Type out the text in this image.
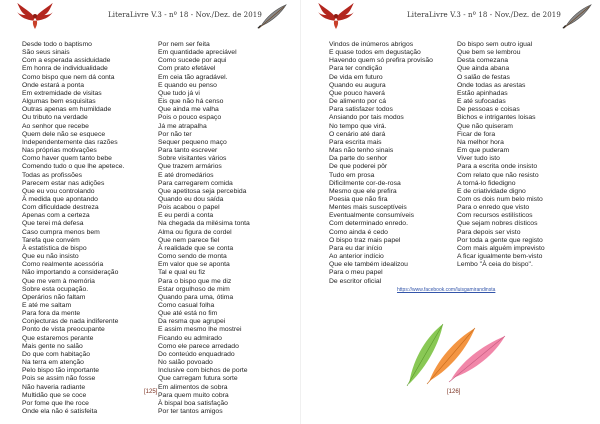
LiteraLivre V.3 - nº 18 - Nov./Dez. de 2019
Desde todo o baptismo
São seus sinais
Com a esperada assiduidade
Em honra de individualidade
Como bispo que nem dá conta
Onde estará a ponta
Em extremidade de visitas
Algumas bem esquisitas
Outras apenas em humildade
Ou tributo na verdade
Ao senhor que recebe
Quem dele não se esquece
Independentemente das razões
Nas próprias motivações
Como haver quem tanto bebe
Comendo tudo o que lhe apetece.
Todas as profissões
Parecem estar nas adições
Que eu vou controlando
À medida que apontando
Com dificuldade destreza
Apenas com a certeza
Que terei má defesa
Caso cumpra menos bem
Tarefa que convém
À estatística de bispo
Que eu não insisto
Como realmente acessória
Não importando a consideração
Que me vem à memória
Sobre esta ocupação.
Operários não faltam
E até me saltam
Para fora da mente
Conjecturas de nada indiferente
Ponto de vista preocupante
Que estaremos perante
Mais gente no salão
Do que com habitação
Na terra em atenção
Pelo bispo tão importante
Pois se assim não fosse
Não haveria radiante
Multidão que se coce
Por fome que lhe roce
Onde ela não é satisfeita
Por nem ser feita
Em quantidade apreciável
Como sucede por aqui
Com prato efetável
Em ceia tão agradável.
E quando eu penso
Que tudo já vi
Eis que não há censo
Que ainda me valha
Pois o pouco espaço
Já me atrapalha
Por não ter
Sequer pequeno maço
Para tanto escrever
Sobre visitantes vários
Que trazem armários
E até dromedários
Para carregarem comida
Que apetitosa seja percebida
Quando eu dou saída
Pois acabou o papel
E eu perdi a conta
Na chegada da milésima tonta
Alma ou figura de cordel
Que nem parece fiel
À realidade que se conta
Como sendo de monta
Em valor que se aponta
Tal e qual eu fiz
Para o bispo que me diz
Estar orgulhoso de mim
Quando para uma, ótima
Como casual folha
Que até está no fim
Da resma que agrupei
E assim mesmo lhe mostrei
Ficando eu admirado
Como ele parece arredado
Do conteúdo enquadrado
No salão povoado
Inclusive com bichos de porte
Que carregam futura sorte
Em alimentos de sobra
Para quem muito cobra
À bispal boa satisfação
Por ter tantos amigos
[125]
LiteraLivre V.3 - nº 18 - Nov./Dez. de 2019
Vindos de inúmeros abrigos
E quase todos em degustação
Havendo quem só prefira provisão
Para ter condição
De vida em futuro
Quando eu augura
Que pouco haverá
De alimento por cá
Para satisfazer todos
Ansiando por tais modos
No tempo que virá.
O cenário até dará
Para escrita mais
Mas não tenho sinais
Da parte do senhor
De que poderei pôr
Tudo em prosa
Dificilmente cor-de-rosa
Mesmo que ele prefira
Poesia que não fira
Mentes mais susceptíveis
Eventualmente consumíveis
Com determinado enredo.
Como ainda é cedo
O bispo traz mais papel
Para eu dar início
Ao anterior indício
Que ele também idealizou
Para o meu papel
De escritor oficial
Do bispo sem outro igual
Que bem se lembrou
Desta comezana
Que ainda abana
O salão de festas
Onde todas as arestas
Estão apinhadas
E até sufocadas
De pessoas e coisas
Bichos e intrigantes loisas
Que não quiseram
Ficar de fora
Na melhor hora
Em que puderam
Viver tudo isto
Para a escrita onde insisto
Com relato que não resisto
A torná-lo fidedigno
E de criatividade digno
Com os dois num belo misto
Para o enredo que visto
Com recursos estilísticos
Que sejam nobres dísticos
Para depois ser visto
Por toda a gente que registo
Com mais alguém imprevisto
A ficar igualmente bem-visto
Lembo "À ceia do bispo".
https://www.facebook.com/luisgamirandinsta
[126]
